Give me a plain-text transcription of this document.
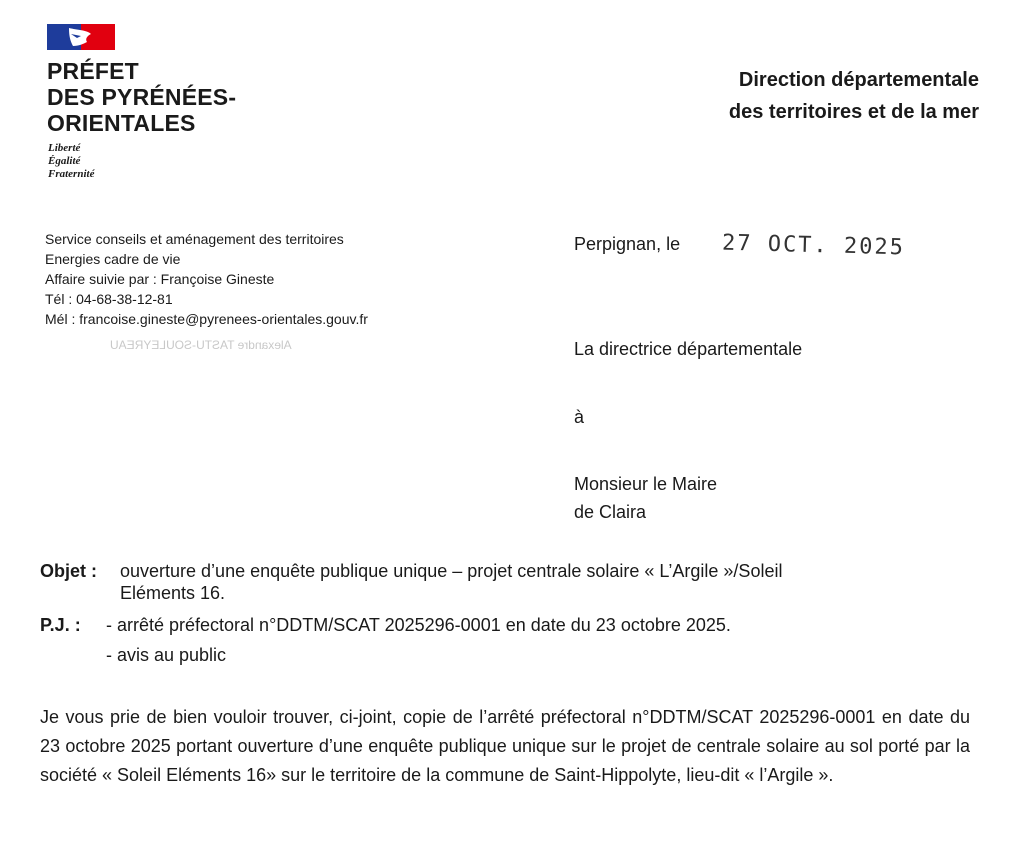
PRÉFET
DES PYRÉNÉES-
ORIENTALES
Liberté
Égalité
Fraternité
Direction départementale
des territoires et de la mer
Service conseils et aménagement des territoires
Energies cadre de vie
Affaire suivie par : Françoise Gineste
Tél : 04-68-38-12-81
Mél : francoise.gineste@pyrenees-orientales.gouv.fr
Alexandre TASTU-SOULEYREAU
Perpignan, le 27 OCT. 2025
La directrice départementale
à
Monsieur le Maire
de Claira
Objet : ouverture d’une enquête publique unique – projet centrale solaire « L’Argile »/Soleil
Eléments 16.
P.J. : - arrêté préfectoral n°DDTM/SCAT 2025296-0001 en date du 23 octobre 2025.
- avis au public
Je vous prie de bien vouloir trouver, ci-joint, copie de l’arrêté préfectoral n°DDTM/SCAT 2025296-0001 en date du 23 octobre 2025 portant ouverture d’une enquête publique unique sur le projet de centrale solaire au sol porté par la société « Soleil Eléments 16» sur le territoire de la commune de Saint-Hippolyte, lieu-dit « l’Argile ».
